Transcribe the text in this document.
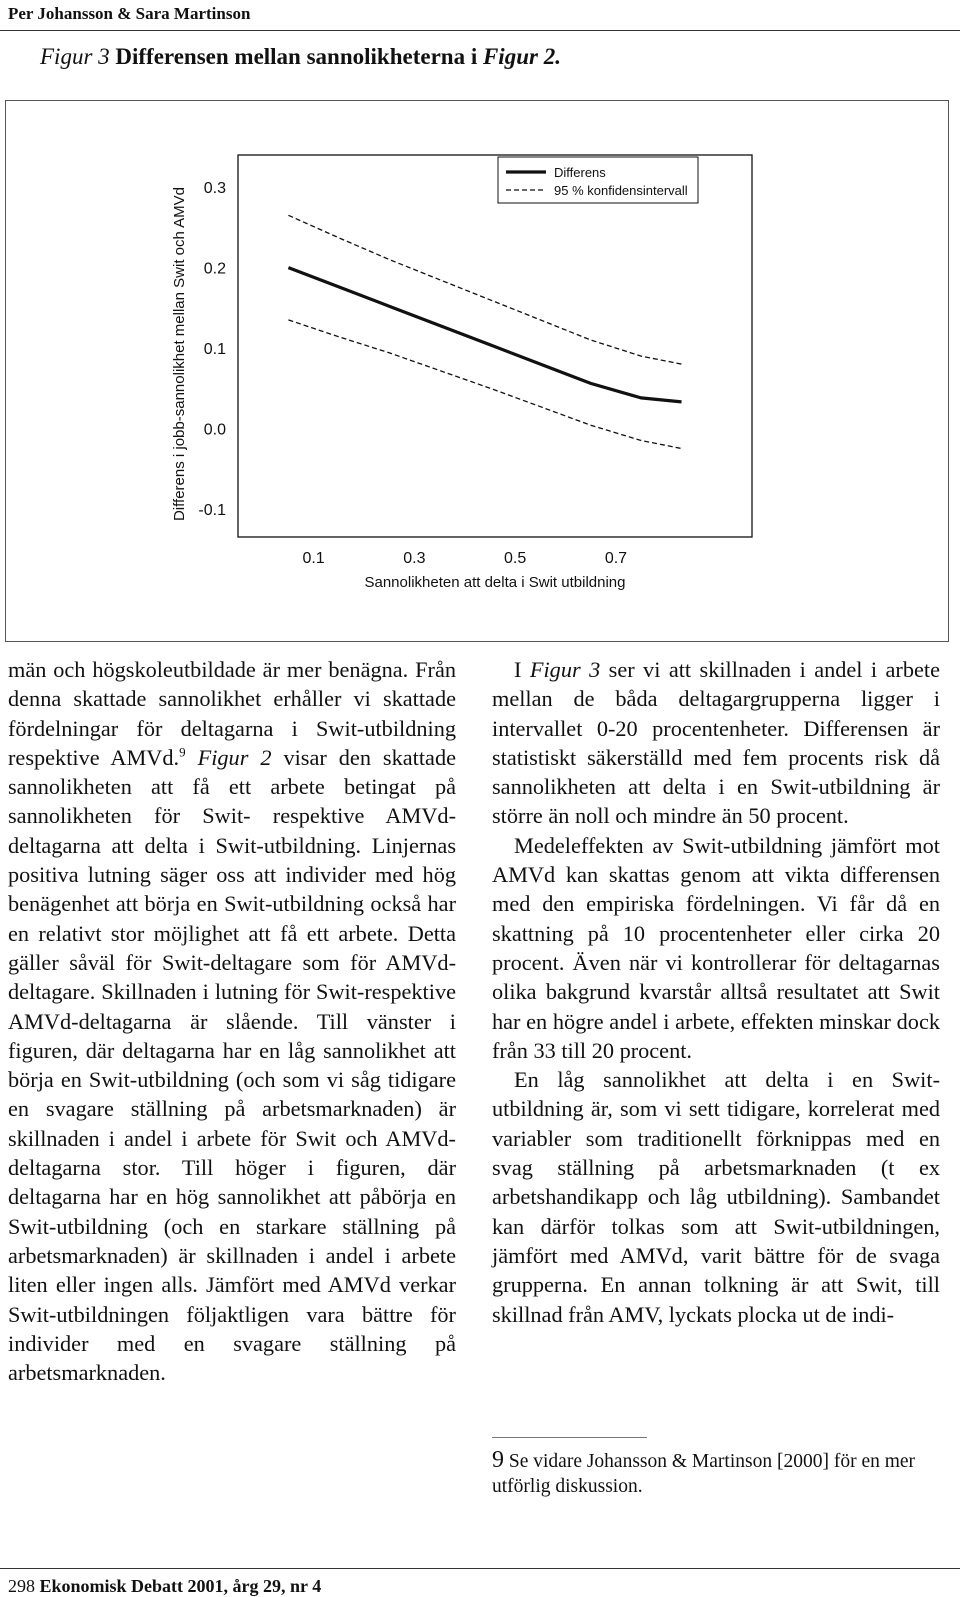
Per Johansson & Sara Martinson
Figur 3 Differensen mellan sannolikheterna i Figur 2.
0.3
0.2
0.1
0.0
-0.1
0.1	0.3	0.5	0.7
Sannolikheten att delta i Swit utbildning
Differens i jobb-sannolikhet mellan Swit och AMVd
Differens
95 % konfidensintervall

män och högskoleutbildade är mer benägna. Från denna skattade sannolikhet erhåller vi skattade fördelningar för deltagarna i Swit-utbildning respektive AMVd.$^9$ Figur 2 visar den skattade sannolikheten att få ett arbete betingat på sannolikheten för Swit- respektive AMVd-deltagarna att delta i Swit-utbildning. Linjernas positiva lutning säger oss att individer med hög benägenhet att börja en Swit-utbildning också har en relativt stor möjlighet att få ett arbete. Detta gäller såväl för Swit-deltagare som för AMVd-deltagare. Skillnaden i lutning för Swit-respektive AMVd-deltagarna är slående. Till vänster i figuren, där deltagarna har en låg sannolikhet att börja en Swit-utbildning (och som vi såg tidigare en svagare ställning på arbetsmarknaden) är skillnaden i andel i arbete för Swit och AMVd-deltagarna stor. Till höger i figuren, där deltagarna har en hög sannolikhet att påbörja en Swit-utbildning (och en starkare ställning på arbetsmarknaden) är skillnaden i andel i arbete liten eller ingen alls. Jämfört med AMVd verkar Swit-utbildningen följaktligen vara bättre för individer med en svagare ställning på arbetsmarknaden.

I Figur 3 ser vi att skillnaden i andel i arbete mellan de båda deltagargrupperna ligger i intervallet 0-20 procentenheter. Differensen är statistiskt säkerställd med fem procents risk då sannolikheten att delta i en Swit-utbildning är större än noll och mindre än 50 procent.

Medeleffekten av Swit-utbildning jämfört mot AMVd kan skattas genom att vikta differensen med den empiriska fördelningen. Vi får då en skattning på 10 procentenheter eller cirka 20 procent. Även när vi kontrollerar för deltagarnas olika bakgrund kvarstår alltså resultatet att Swit har en högre andel i arbete, effekten minskar dock från 33 till 20 procent.

En låg sannolikhet att delta i en Swit-utbildning är, som vi sett tidigare, korrelerat med variabler som traditionellt förknippas med en svag ställning på arbetsmarknaden (t ex arbetshandikapp och låg utbildning). Sambandet kan därför tolkas som att Swit-utbildningen, jämfört med AMVd, varit bättre för de svaga grupperna. En annan tolkning är att Swit, till skillnad från AMV, lyckats plocka ut de indi-

9 Se vidare Johansson & Martinson [2000] för en mer utförlig diskussion.
298 Ekonomisk Debatt 2001, årg 29, nr 4
